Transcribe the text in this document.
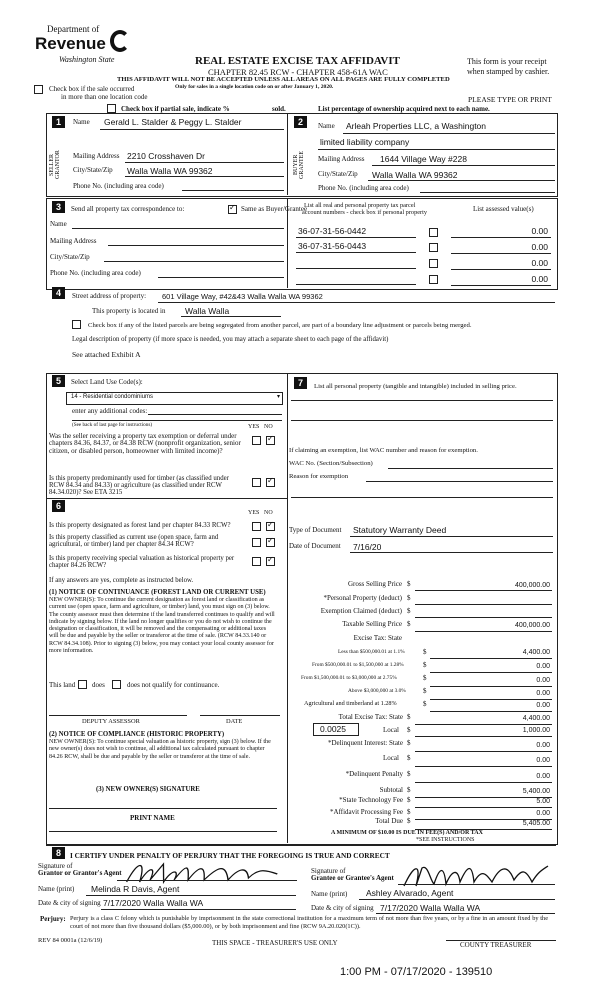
Department of
Revenue
Washington State	REAL ESTATE EXCISE TAX AFFIDAVIT
CHAPTER 82.45 RCW - CHAPTER 458-61A WAC
THIS AFFIDAVIT WILL NOT BE ACCEPTED UNLESS ALL AREAS ON ALL PAGES ARE FULLY COMPLETED
Only for sales in a single location code on or after January 1, 2020.
This form is your receipt
when stamped by cashier.
PLEASE TYPE OR PRINT
Check box if the sale occurred
in more than one location code
Check box if partial sale, indicate %	sold.	List percentage of ownership acquired next to each name.
1
SELLER
GRANTOR
Name Gerald L. Stalder & Peggy L. Stalder
Mailing Address 2210 Crosshaven Dr
City/State/Zip Walla Walla WA 99362
Phone No. (including area code)
2
BUYER
GRANTEE
Name Arleah Properties LLC, a Washington
limited liability company
Mailing Address 1644 Village Way #228
City/State/Zip Walla Walla WA 99362
Phone No. (including area code)
3	Send all property tax correspondence to:
✓	Same as Buyer/Grantee
Name
Mailing Address
City/State/Zip
Phone No. (including area code)
List all real and personal property tax parcel
account numbers - check box if personal property	List assessed value(s)
36-07-31-56-0442	0.00
36-07-31-56-0443	0.00
0.00
0.00
4	Street address of property: 601 Village Way, #42&43 Walla Walla WA 99362
This property is located in Walla Walla
Check box if any of the listed parcels are being segregated from another parcel, are part of a boundary line adjustment or parcels being merged.
Legal description of property (if more space is needed, you may attach a separate sheet to each page of the affidavit)
See attached Exhibit A
5	Select Land Use Code(s):
14 - Residential condominiums	▾
enter any additional codes:
(See back of last page for instructions)	YES NO
Was the seller receiving a property tax exemption or deferral under chapters 84.36, 84.37, or 84.38 RCW (nonprofit organization, senior citizen, or disabled person, homeowner with limited income)?
✓
Is this property predominantly used for timber (as classified under RCW 84.34 and 84.33) or agriculture (as classified under RCW 84.34.020)? See ETA 3215
✓
6
YES NO
Is this property designated as forest land per chapter 84.33 RCW?
✓
Is this property classified as current use (open space, farm and agricultural, or timber) land per chapter 84.34 RCW?
✓
Is this property receiving special valuation as historical property per chapter 84.26 RCW?
✓
If any answers are yes, complete as instructed below.
(1) NOTICE OF CONTINUANCE (FOREST LAND OR CURRENT USE)
NEW OWNER(S): To continue the current designation as forest land or classification as current use (open space, farm and agriculture, or timber) land, you must sign on (3) below. The county assessor must then determine if the land transferred continues to qualify and will indicate by signing below. If the land no longer qualifies or you do not wish to continue the designation or classification, it will be removed and the compensating or additional taxes will be due and payable by the seller or transferor at the time of sale. (RCW 84.33.140 or RCW 84.34.108). Prior to signing (3) below, you may contact your local county assessor for more information.
This land does	does not qualify for continuance.
DEPUTY ASSESSOR	DATE
(2) NOTICE OF COMPLIANCE (HISTORIC PROPERTY)
NEW OWNER(S): To continue special valuation as historic property, sign (3) below. If the new owner(s) does not wish to continue, all additional tax calculated pursuant to chapter 84.26 RCW, shall be due and payable by the seller or transferor at the time of sale.
(3) NEW OWNER(S) SIGNATURE
PRINT NAME
7	List all personal property (tangible and intangible) included in selling price.
If claiming an exemption, list WAC number and reason for exemption.
WAC No. (Section/Subsection)
Reason for exemption
Type of Document Statutory Warranty Deed
Date of Document 7/16/20
Gross Selling Price $	400,000.00
*Personal Property (deduct) $
Exemption Claimed (deduct) $
Taxable Selling Price $	400,000.00
Excise Tax: State
Less than $500,000.01 at 1.1%	$	4,400.00
From $500,000.01 to $1,500,000 at 1.28%	$	0.00
From $1,500,000.01 to $3,000,000 at 2.75%	$	0.00
Above $3,000,000 at 3.0% $	0.00
Agricultural and timberland at 1.28%	$	0.00
Total Excise Tax: State $	4,400.00
0.0025	Local $	1,000.00
*Delinquent Interest: State $	0.00
Local $	0.00
*Delinquent Penalty $	0.00
Subtotal $	5,400.00
*State Technology Fee $	5.00
*Affidavit Processing Fee $	0.00
Total Due $	5,405.00
A MINIMUM OF $10.00 IS DUE IN FEE(S) AND/OR TAX
*SEE INSTRUCTIONS
8	I CERTIFY UNDER PENALTY OF PERJURY THAT THE FOREGOING IS TRUE AND CORRECT
Signature of
Grantor or Grantor's Agent
Name (print) Melinda R Davis, Agent
Date & city of signing 7/17/2020 Walla Walla WA
Signature of
Grantee or Grantee's Agent
Name (print) Ashley Alvarado, Agent
Date & city of signing 7/17/2020 Walla Walla WA
Perjury: Perjury is a class C felony which is punishable by imprisonment in the state correctional institution for a maximum term of not more than five years, or by a fine in an amount fixed by the court of not more than five thousand dollars ($5,000.00), or by both imprisonment and fine (RCW 9A.20.020(1C)).
REV 84 0001a (12/6/19)	THIS SPACE - TREASURER'S USE ONLY	COUNTY TREASURER
1:00 PM - 07/17/2020 - 139510
